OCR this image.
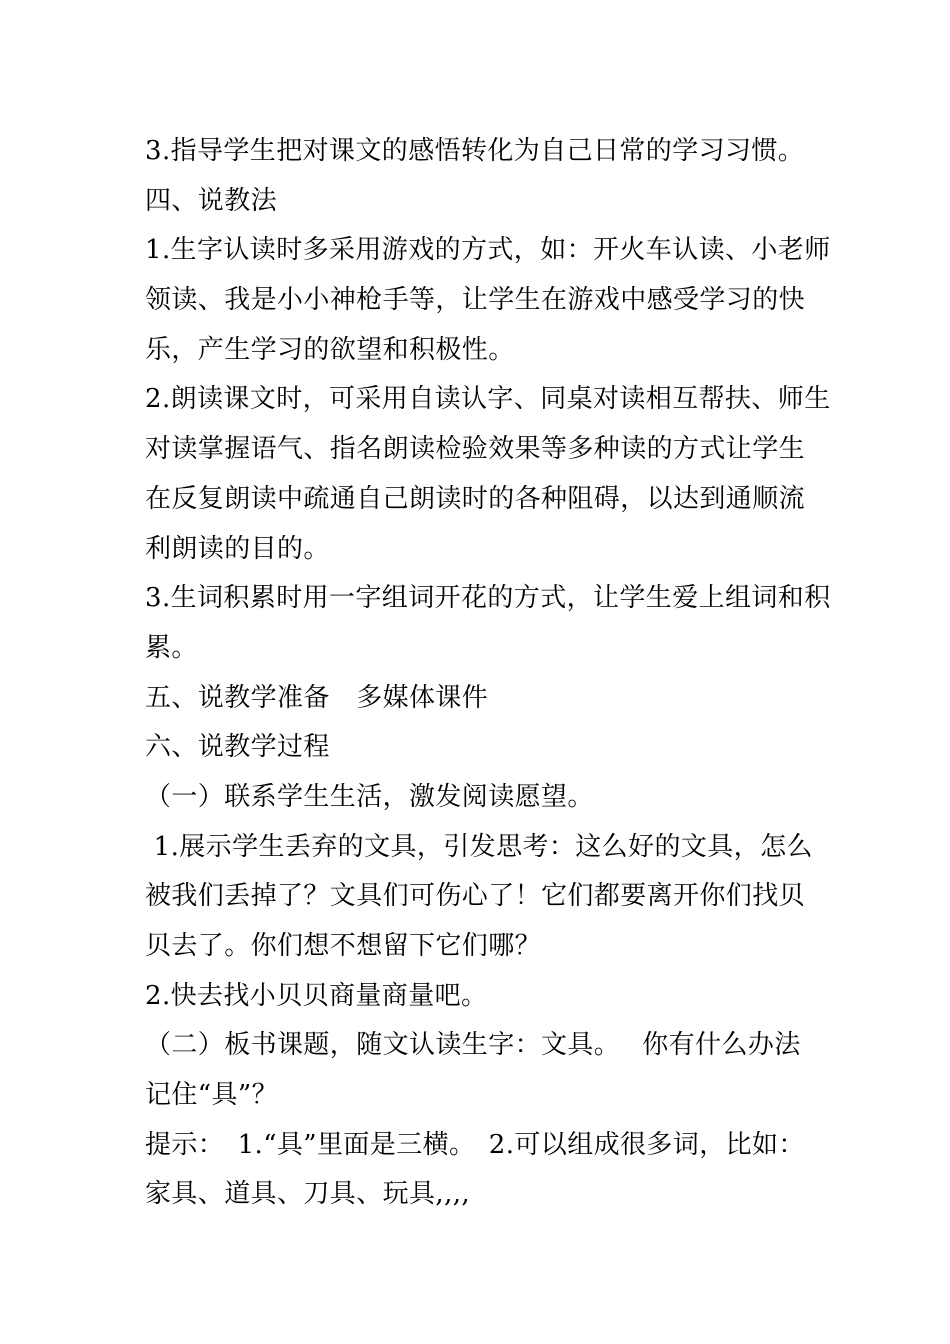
3.指导学生把对课文的感悟转化为自己日常的学习习惯。
四、说教法
1.生字认读时多采用游戏的方式，如：开火车认读、小老师
领读、我是小小神枪手等，让学生在游戏中感受学习的快
乐，产生学习的欲望和积极性。
2.朗读课文时，可采用自读认字、同桌对读相互帮扶、师生
对读掌握语气、指名朗读检验效果等多种读的方式让学生
在反复朗读中疏通自己朗读时的各种阻碍，以达到通顺流
利朗读的目的。
3.生词积累时用一字组词开花的方式，让学生爱上组词和积
累。
五、说教学准备　多媒体课件
六、说教学过程
（一）联系学生生活，激发阅读愿望。
1.展示学生丢弃的文具，引发思考：这么好的文具，怎么
被我们丢掉了？文具们可伤心了！它们都要离开你们找贝
贝去了。你们想不想留下它们哪？
2.快去找小贝贝商量商量吧。
（二）板书课题，随文认读生字：文具。　 你有什么办法
记住“具”？
提示：　1.“具”里面是三横。　2.可以组成很多词，比如：
家具、道具、刀具、玩具,,,,
